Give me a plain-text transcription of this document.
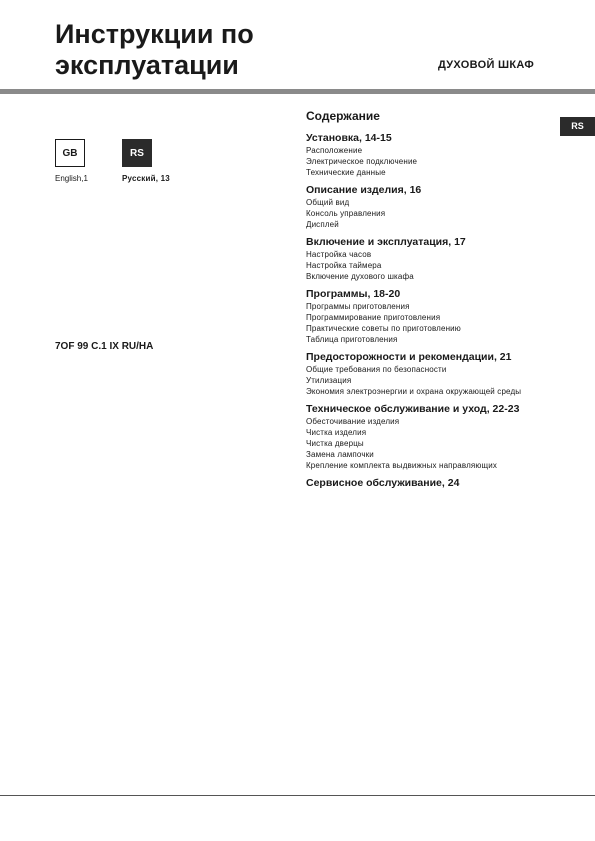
Инструкции по
эксплуатации	ДУХОВОЙ ШКАФ
RS
GB	RS
English,1	Русский, 13
7OF 99 C.1 IX RU/HA
Содержание
Установка, 14-15
Расположение
Электрическое подключение
Технические данные
Описание изделия, 16
Общий вид
Консоль управления
Дисплей
Включение и эксплуатация, 17
Настройка часов
Настройка таймера
Включение духового шкафа
Программы, 18-20
Программы приготовления
Программирование приготовления
Практические советы по приготовлению
Таблица приготовления
Предосторожности и рекомендации, 21
Общие требования по безопасности
Утилизация
Экономия электроэнергии и охрана окружающей среды
Техническое обслуживание и уход, 22-23
Обесточивание изделия
Чистка изделия
Чистка дверцы
Замена лампочки
Крепление комплекта выдвижных направляющих
Сервисное обслуживание, 24
